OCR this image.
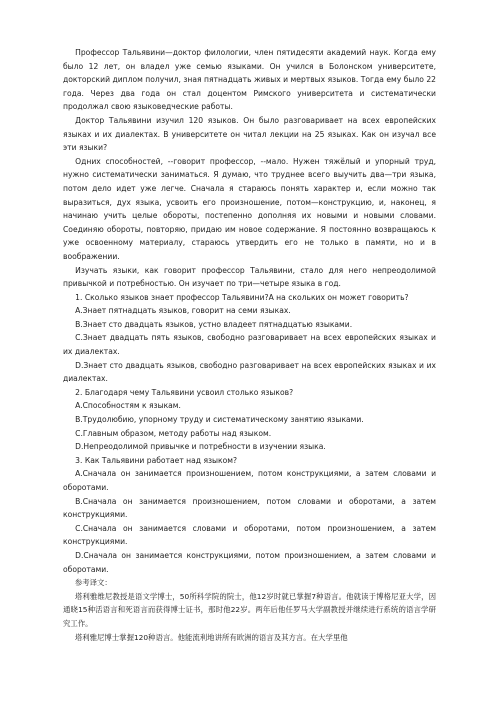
Профессор Тальявини—доктор филологии, член пятидесяти академий наук. Когда ему было 12 лет, он владел уже семью языками. Он учился в Болонском университете, докторский диплом получил, зная пятнадцать живых и мертвых языков. Тогда ему было 22 года. Через два года он стал доцентом Римского университета и систематически продолжал свою языковедческие работы.

Доктор Тальявини изучил 120 языков. Он было разговаривает на всех европейских языках и их диалектах. В университете он читал лекции на 25 языках. Как он изучал все эти языки?

Одних способностей, --говорит профессор, --мало. Нужен тяжёлый и упорный труд, нужно систематически заниматься. Я думаю, что труднее всего выучить два—три языка, потом дело идет уже легче. Сначала я стараюсь понять характер и, если можно так выразиться, дух языка, усвоить его произношение, потом—конструкцию, и, наконец, я начинаю учить целые обороты, постепенно дополняя их новыми и новыми словами. Соединяю обороты, повторяю, придаю им новое содержание. Я постоянно возвращаюсь к уже освоенному материалу, стараюсь утвердить его не только в памяти, но и в воображении.

Изучать языки, как говорит профессор Тальявини, стало для него непреодолимой привычкой и потребностью. Он изучает по три—четыре языка в год.

1. Сколько языков знает профессор Тальявини?А на скольких он может говорить?

A.Знает пятнадцать языков, говорит на семи языках.

B.Знает сто двадцать языков, устно владеет пятнадцатью языками.

C.Знает двадцать пять языков, свободно разговаривает на всех европейских языках и их диалектах.

D.Знает сто двадцать языков, свободно разговаривает на всех европейских языках и их диалектах.

2. Благодаря чему Тальявини усвоил столько языков?

A.Способностям к языкам.

B.Трудолюбию, упорному труду и систематическому занятию языками.

C.Главным образом, методу работы над языком.

D.Непреодолимой привычке и потребности в изучении языка.

3. Как Тальявини работает над языком?

A.Сначала он занимается произношением, потом конструкциями, а затем словами и оборотами.

B.Сначала он занимается произношением, потом словами и оборотами, а затем конструкциями.

C.Сначала он занимается словами и оборотами, потом произношением, а затем конструкциями.

D.Сначала он занимается конструкциями, потом произношением, а затем словами и оборотами.

参考译文：

塔利雅维尼教授是语文学博士，50所科学院的院士，他12岁时就已掌握7种语言。他就读于博格尼亚大学，因通晓15种活语言和死语言而获得博士证书，那时他22岁。两年后他任罗马大学副教授并继续进行系统的语言学研究工作。

塔利雅尼博士掌握120种语言。他能流利地讲所有欧洲的语言及其方言。在大学里他
